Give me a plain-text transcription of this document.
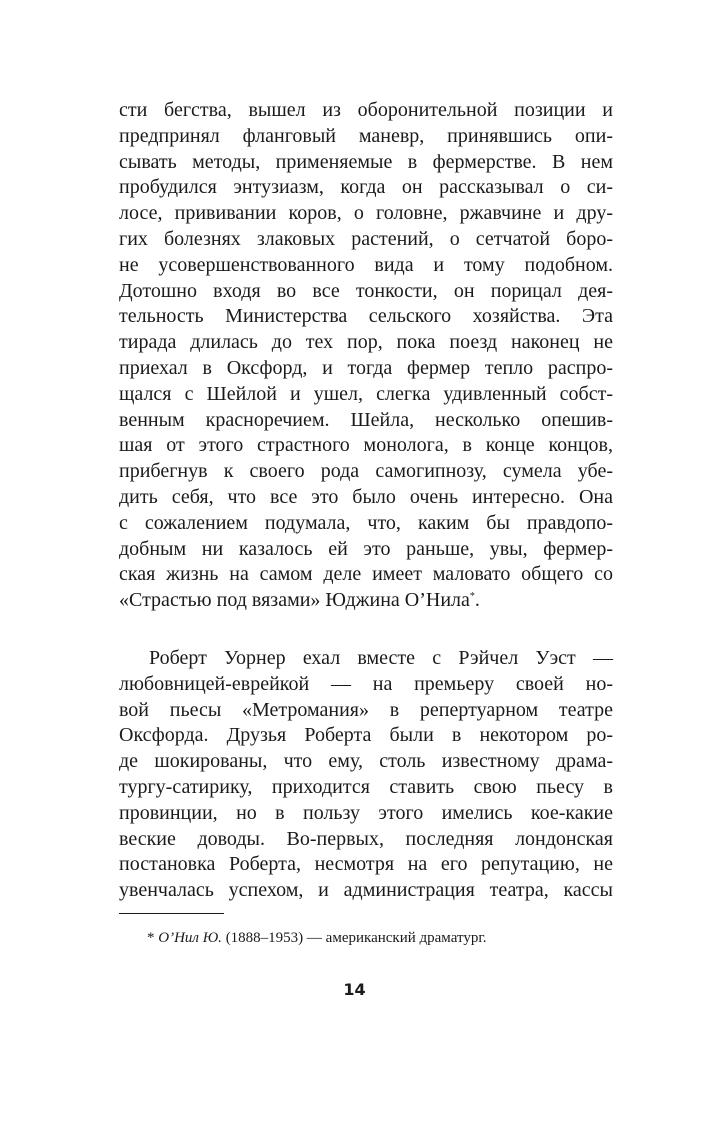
сти бегства, вышел из оборонительной позиции и
предпринял фланговый маневр, принявшись опи-
сывать методы, применяемые в фермерстве. В нем
пробудился энтузиазм, когда он рассказывал о си-
лосе, прививании коров, о головне, ржавчине и дру-
гих болезнях злаковых растений, о сетчатой боро-
не усовершенствованного вида и тому подобном.
Дотошно входя во все тонкости, он порицал дея-
тельность Министерства сельского хозяйства. Эта
тирада длилась до тех пор, пока поезд наконец не
приехал в Оксфорд, и тогда фермер тепло распро-
щался с Шейлой и ушел, слегка удивленный собст-
венным красноречием. Шейла, несколько опешив-
шая от этого страстного монолога, в конце концов,
прибегнув к своего рода самогипнозу, сумела убе-
дить себя, что все это было очень интересно. Она
с сожалением подумала, что, каким бы правдопо-
добным ни казалось ей это раньше, увы, фермер-
ская жизнь на самом деле имеет маловато общего со
«Страстью под вязами» Юджина О’Нила*.
Роберт Уорнер ехал вместе с Рэйчел Уэст —
любовницей-еврейкой — на премьеру своей но-
вой пьесы «Метромания» в репертуарном театре
Оксфорда. Друзья Роберта были в некотором ро-
де шокированы, что ему, столь известному драма-
тургу-сатирику, приходится ставить свою пьесу в
провинции, но в пользу этого имелись кое-какие
веские доводы. Во-первых, последняя лондонская
постановка Роберта, несмотря на его репутацию, не
увенчалась успехом, и администрация театра, кассы
* О’Нил Ю. (1888–1953) — американский драматург.
14
